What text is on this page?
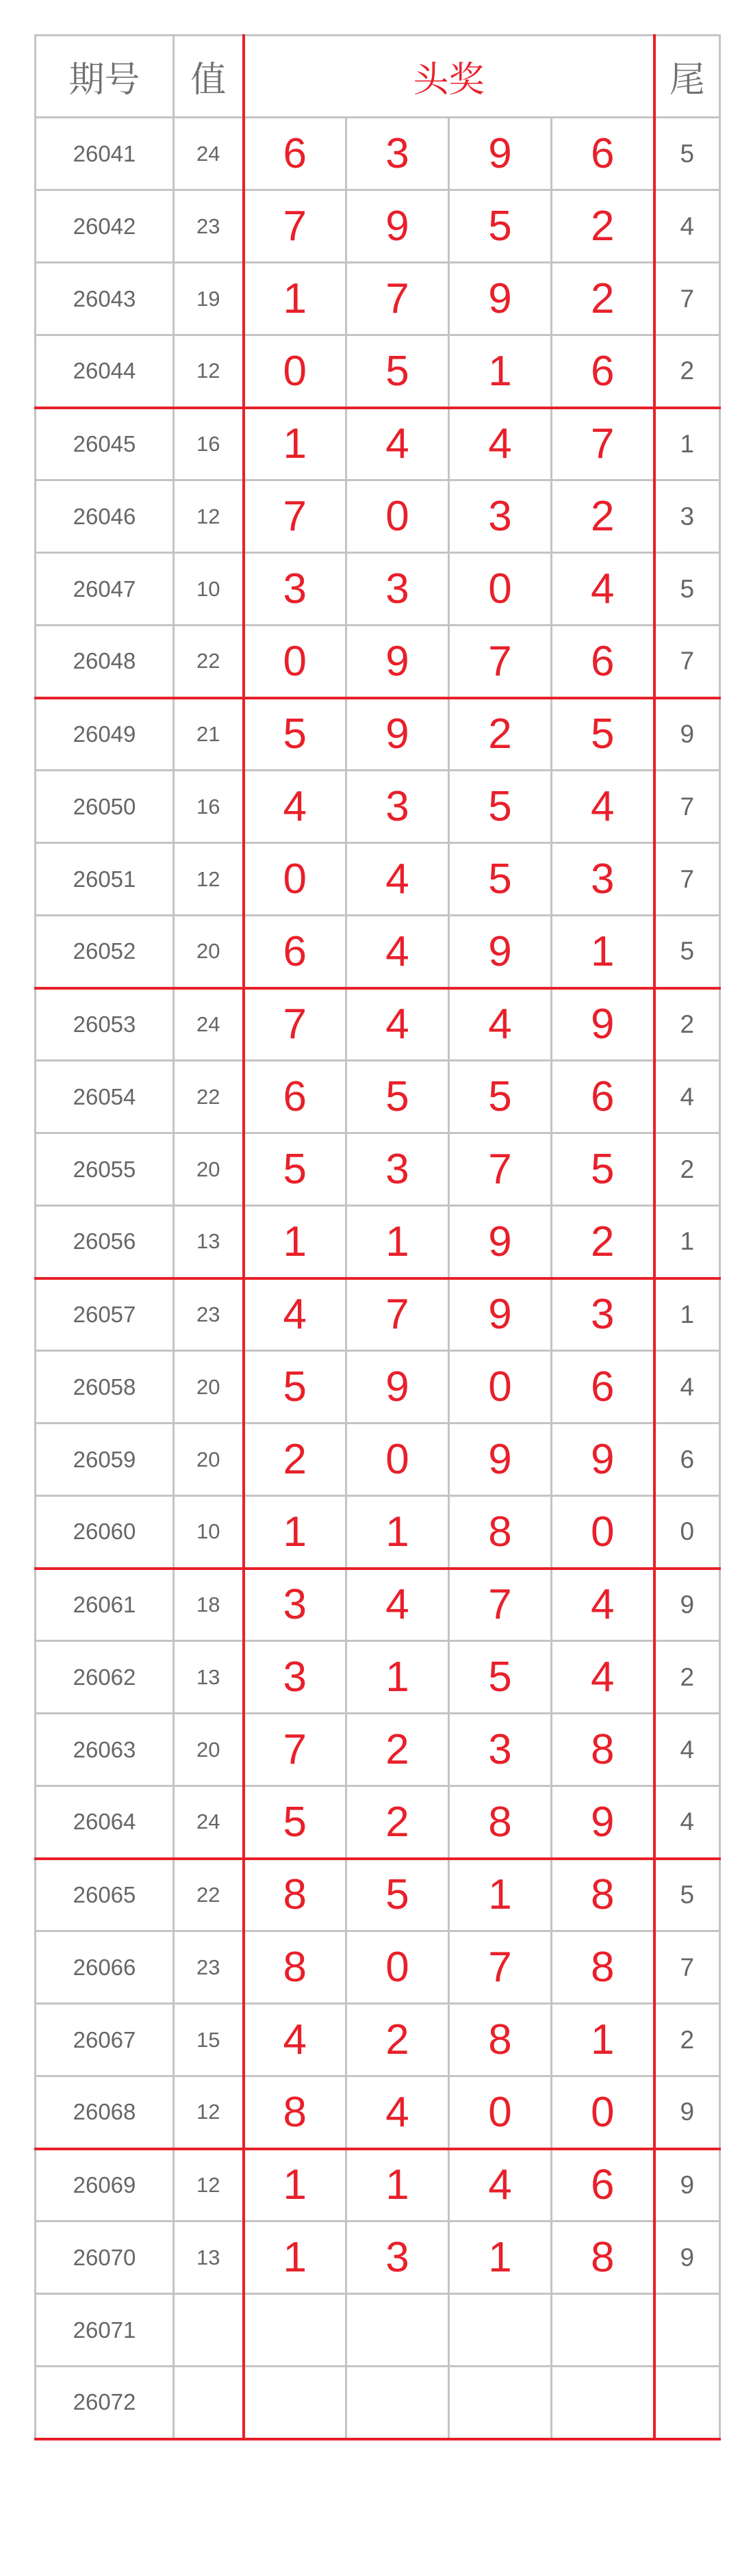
期号	值	头奖				尾
26041	24	6	3	9	6	5
26042	23	7	9	5	2	4
26043	19	1	7	9	2	7
26044	12	0	5	1	6	2
26045	16	1	4	4	7	1
26046	12	7	0	3	2	3
26047	10	3	3	0	4	5
26048	22	0	9	7	6	7
26049	21	5	9	2	5	9
26050	16	4	3	5	4	7
26051	12	0	4	5	3	7
26052	20	6	4	9	1	5
26053	24	7	4	4	9	2
26054	22	6	5	5	6	4
26055	20	5	3	7	5	2
26056	13	1	1	9	2	1
26057	23	4	7	9	3	1
26058	20	5	9	0	6	4
26059	20	2	0	9	9	6
26060	10	1	1	8	0	0
26061	18	3	4	7	4	9
26062	13	3	1	5	4	2
26063	20	7	2	3	8	4
26064	24	5	2	8	9	4
26065	22	8	5	1	8	5
26066	23	8	0	7	8	7
26067	15	4	2	8	1	2
26068	12	8	4	0	0	9
26069	12	1	1	4	6	9
26070	13	1	3	1	8	9
26071						
26072						
